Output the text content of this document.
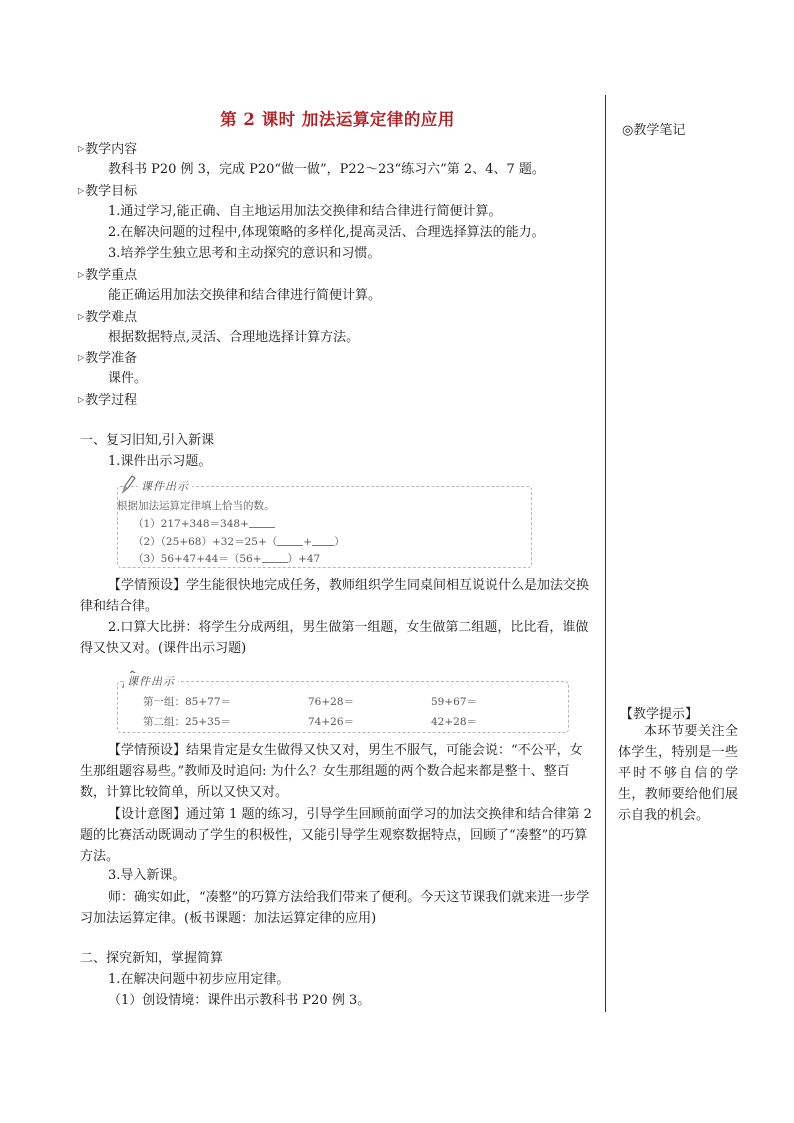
第 2 课时 加法运算定律的应用
▷教学内容
教科书 P20 例 3，完成 P20“做一做”，P22～23“练习六”第 2、4、7 题。
▷教学目标
1.通过学习,能正确、自主地运用加法交换律和结合律进行简便计算。
2.在解决问题的过程中,体现策略的多样化,提高灵活、合理选择算法的能力。
3.培养学生独立思考和主动探究的意识和习惯。
▷教学重点
能正确运用加法交换律和结合律进行简便计算。
▷教学难点
根据数据特点,灵活、合理地选择计算方法。
▷教学准备
课件。
▷教学过程
一、复习旧知,引入新课
1.课件出示习题。
课件出示
根据加法运算定律填上恰当的数。
（1）217+348＝348+
（2）（25+68）+32＝25+（ + ）
（3）56+47+44＝（56+ ）+47
【学情预设】学生能很快地完成任务，教师组织学生同桌间相互说说什么是加法交换律和结合律。
2.口算大比拼：将学生分成两组，男生做第一组题，女生做第二组题，比比看，谁做得又快又对。(课件出示习题)
课件出示
第一组：85+77＝	76+28＝	59+67＝
第二组：25+35＝	74+26＝	42+28＝
【学情预设】结果肯定是女生做得又快又对，男生不服气，可能会说：“不公平，女生那组题容易些。”教师及时追问: 为什么？女生那组题的两个数合起来都是整十、整百数，计算比较简单，所以又快又对。
【设计意图】通过第 1 题的练习，引导学生回顾前面学习的加法交换律和结合律第 2 题的比赛活动既调动了学生的积极性，又能引导学生观察数据特点，回顾了“凑整”的巧算方法。
3.导入新课。
师：确实如此，“凑整”的巧算方法给我们带来了便利。今天这节课我们就来进一步学习加法运算定律。(板书课题：加法运算定律的应用)
二、探究新知，掌握简算
1.在解决问题中初步应用定律。
（1）创设情境：课件出示教科书 P20 例 3。
◎教学笔记
【教学提示】
本环节要关注全体学生，特别是一些平时不够自信的学生，教师要给他们展示自我的机会。
